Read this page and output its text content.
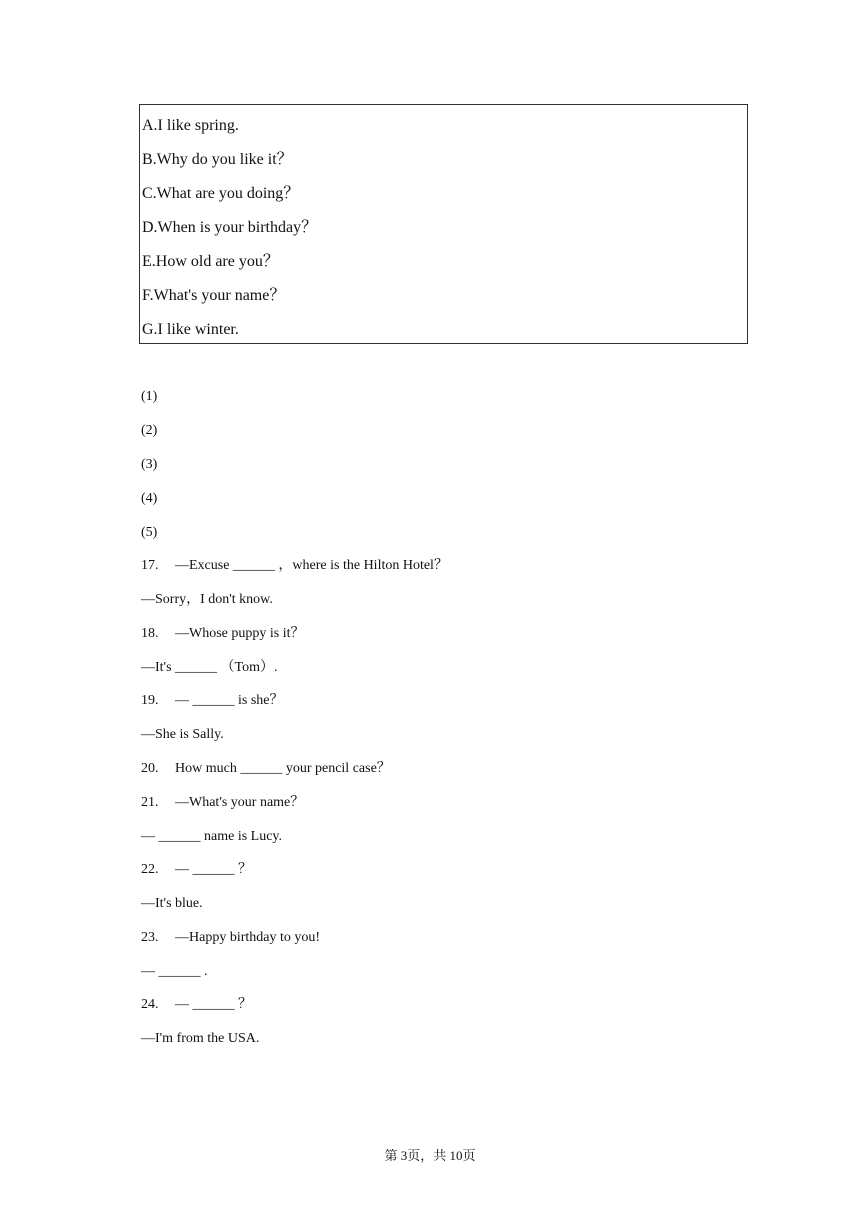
A.I like spring.
B.Why do you like it？
C.What are you doing？
D.When is your birthday？
E.How old are you？
F.What's your name？
G.I like winter.
(1)
(2)
(3)
(4)
(5)
17. —Excuse ______ ，where is the Hilton Hotel？
—Sorry，I don't know.
18. —Whose puppy is it？
—It's ______ （Tom）.
19. — ______ is she？
—She is Sally.
20. How much ______ your pencil case？
21. —What's your name？
— ______ name is Lucy.
22. — ______ ？
—It's blue.
23. —Happy birthday to you!
— ______ .
24. — ______ ？
—I'm from the USA.
第 3页，共 10页
